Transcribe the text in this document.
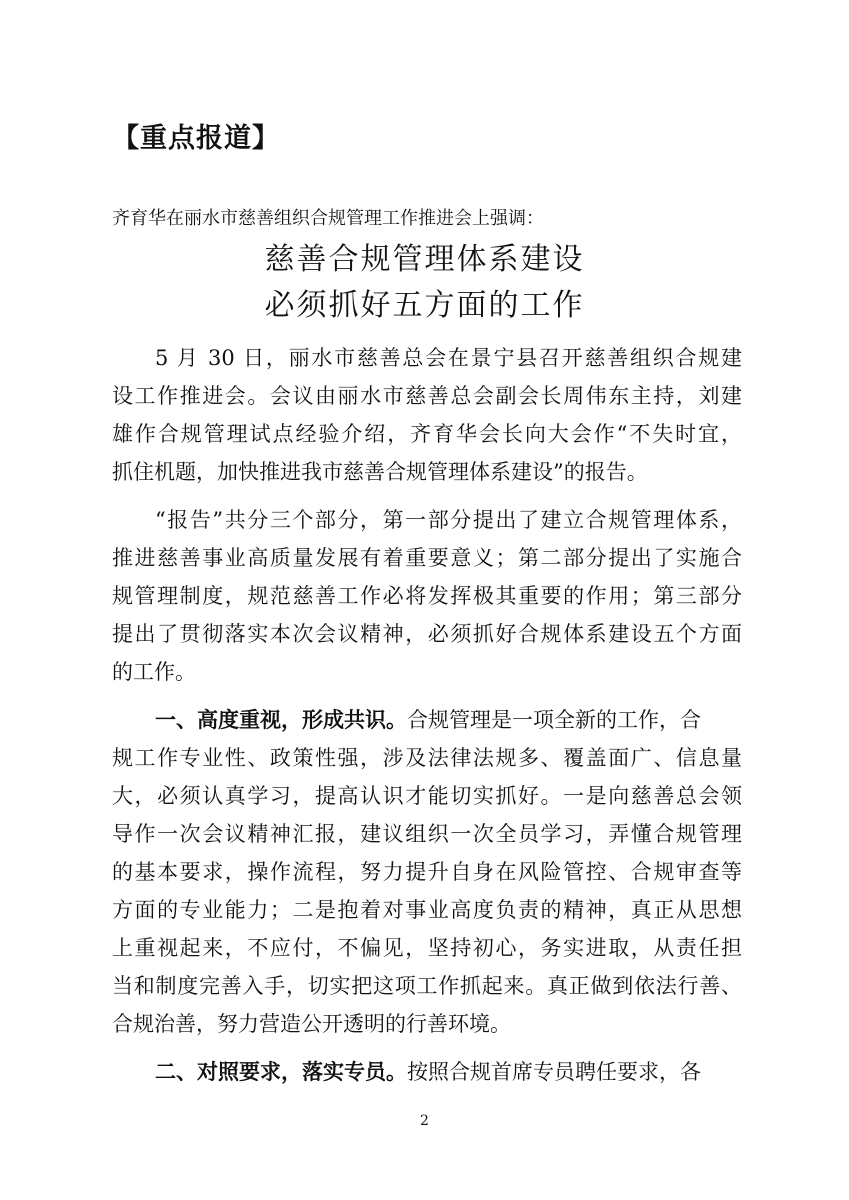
【重点报道】
齐育华在丽水市慈善组织合规管理工作推进会上强调：
慈善合规管理体系建设
必须抓好五方面的工作
5 月 30 日，丽水市慈善总会在景宁县召开慈善组织合规建
设工作推进会。会议由丽水市慈善总会副会长周伟东主持，刘建
雄作合规管理试点经验介绍，齐育华会长向大会作“不失时宜，
抓住机题，加快推进我市慈善合规管理体系建设”的报告。
“报告”共分三个部分，第一部分提出了建立合规管理体系，
推进慈善事业高质量发展有着重要意义；第二部分提出了实施合
规管理制度，规范慈善工作必将发挥极其重要的作用；第三部分
提出了贯彻落实本次会议精神，必须抓好合规体系建设五个方面
的工作。
一、高度重视，形成共识。合规管理是一项全新的工作，合
规工作专业性、政策性强，涉及法律法规多、覆盖面广、信息量
大，必须认真学习，提高认识才能切实抓好。一是向慈善总会领
导作一次会议精神汇报，建议组织一次全员学习，弄懂合规管理
的基本要求，操作流程，努力提升自身在风险管控、合规审查等
方面的专业能力；二是抱着对事业高度负责的精神，真正从思想
上重视起来，不应付，不偏见，坚持初心，务实进取，从责任担
当和制度完善入手，切实把这项工作抓起来。真正做到依法行善、
合规治善，努力营造公开透明的行善环境。
二、对照要求，落实专员。按照合规首席专员聘任要求，各
2
